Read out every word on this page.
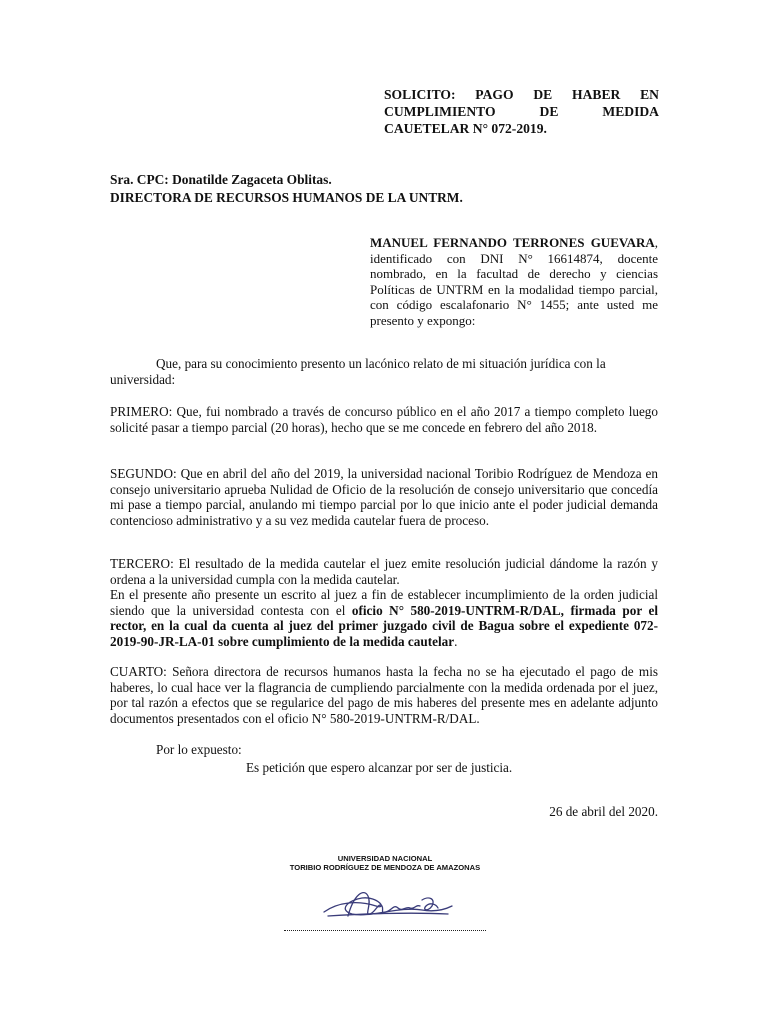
SOLICITO: PAGO DE HABER EN CUMPLIMIENTO DE MEDIDA CAUETELAR N° 072-2019.
Sra. CPC: Donatilde Zagaceta Oblitas.
DIRECTORA DE RECURSOS HUMANOS DE LA UNTRM.
MANUEL FERNANDO TERRONES GUEVARA, identificado con DNI N° 16614874, docente nombrado, en la facultad de derecho y ciencias Políticas de UNTRM en la modalidad tiempo parcial, con código escalafonario N° 1455; ante usted me presento y expongo:
Que, para su conocimiento presento un lacónico relato de mi situación jurídica con la
universidad:
PRIMERO: Que, fui nombrado a través de concurso público en el año 2017 a tiempo completo luego solicité pasar a tiempo parcial (20 horas), hecho que se me concede en febrero del año 2018.
SEGUNDO: Que en abril del año del 2019, la universidad nacional Toribio Rodríguez de Mendoza en consejo universitario aprueba Nulidad de Oficio de la resolución de consejo universitario que concedía mi pase a tiempo parcial, anulando mi tiempo parcial por lo que inicio ante el poder judicial demanda contencioso administrativo y a su vez medida cautelar fuera de proceso.
TERCERO: El resultado de la medida cautelar el juez emite resolución judicial dándome la razón y ordena a la universidad cumpla con la medida cautelar.
En el presente año presente un escrito al juez a fin de establecer incumplimiento de la orden judicial siendo que la universidad contesta con el oficio N° 580-2019-UNTRM-R/DAL, firmada por el rector, en la cual da cuenta al juez del primer juzgado civil de Bagua sobre el expediente 072-2019-90-JR-LA-01 sobre cumplimiento de la medida cautelar.
CUARTO: Señora directora de recursos humanos hasta la fecha no se ha ejecutado el pago de mis haberes, lo cual hace ver la flagrancia de cumpliendo parcialmente con la medida ordenada por el juez, por tal razón a efectos que se regularice del pago de mis haberes del presente mes en adelante adjunto documentos presentados con el oficio N° 580-2019-UNTRM-R/DAL.
Por lo expuesto:
Es petición que espero alcanzar por ser de justicia.
26 de abril del 2020.
UNIVERSIDAD NACIONAL
TORIBIO RODRÍGUEZ DE MENDOZA DE AMAZONAS
